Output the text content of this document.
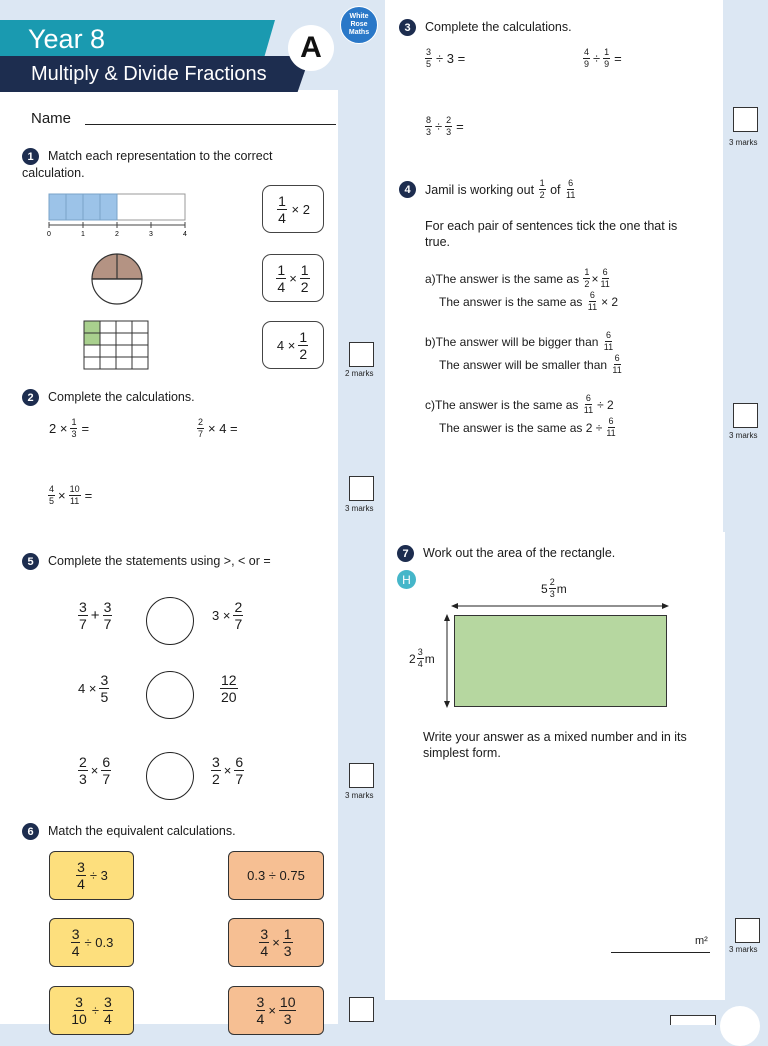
Year 8
Multiply & Divide Fractions
A
White Rose Maths
Name
1 Match each representation to the correct calculation.
0	1	2	3	4
$\frac{1}{4}$
× 2
$\frac{1}{4} \times \frac{1}{2}$
$4 \times \frac{1}{2}$
2 marks
2 Complete the calculations.
$2 \times \frac{1}{3}$ =	$\frac{2}{7} \times 4$ =
$\frac{4}{5} \times \frac{10}{11}$ =
3 marks
3 Complete the calculations.
$\frac{3}{5} \div 3$ =	$\frac{4}{9} \div \frac{1}{9}$ =
$\frac{8}{3} \div \frac{2}{3}$ =
3 marks
4	Jamil is working out
1
2
of
6
11
For each pair of sentences tick the one that is true.
a) The answer is the same as
$\frac{1}{2} \times \frac{6}{11}$
The answer is the same as
$\frac{6}{11} \times 2$
b) The answer will be bigger than
6
11
The answer will be smaller than
6
11
c) The answer is the same as
$\frac{6}{11} \div 2$
The answer is the same as
$2 \div \frac{6}{11}$	3 marks
5 Complete the statements using >, < or =
3
$7 + \frac{3}{7}$	$3 \times \frac{2}{7}$
$4 \times \frac{3}{5}$	12
20
$\frac{2}{3} \times \frac{6}{7}$	$\frac{3}{2} \times \frac{6}{7}$
3 marks
6 Match the equivalent calculations.
$\frac{3}{4} \div 3$
$\frac{3}{4} \div 0.3$
$\frac{3}{10} \div \frac{3}{4}$
0.3 ÷ 0.75
$\frac{3}{4} \times \frac{1}{3}$
$\frac{3}{4} \times \frac{10}{3}$
7 Work out the area of the rectangle.
H
5 2
3 m
2 3
4 m
Write your answer as a mixed number and in its simplest form.
m²
3 marks
